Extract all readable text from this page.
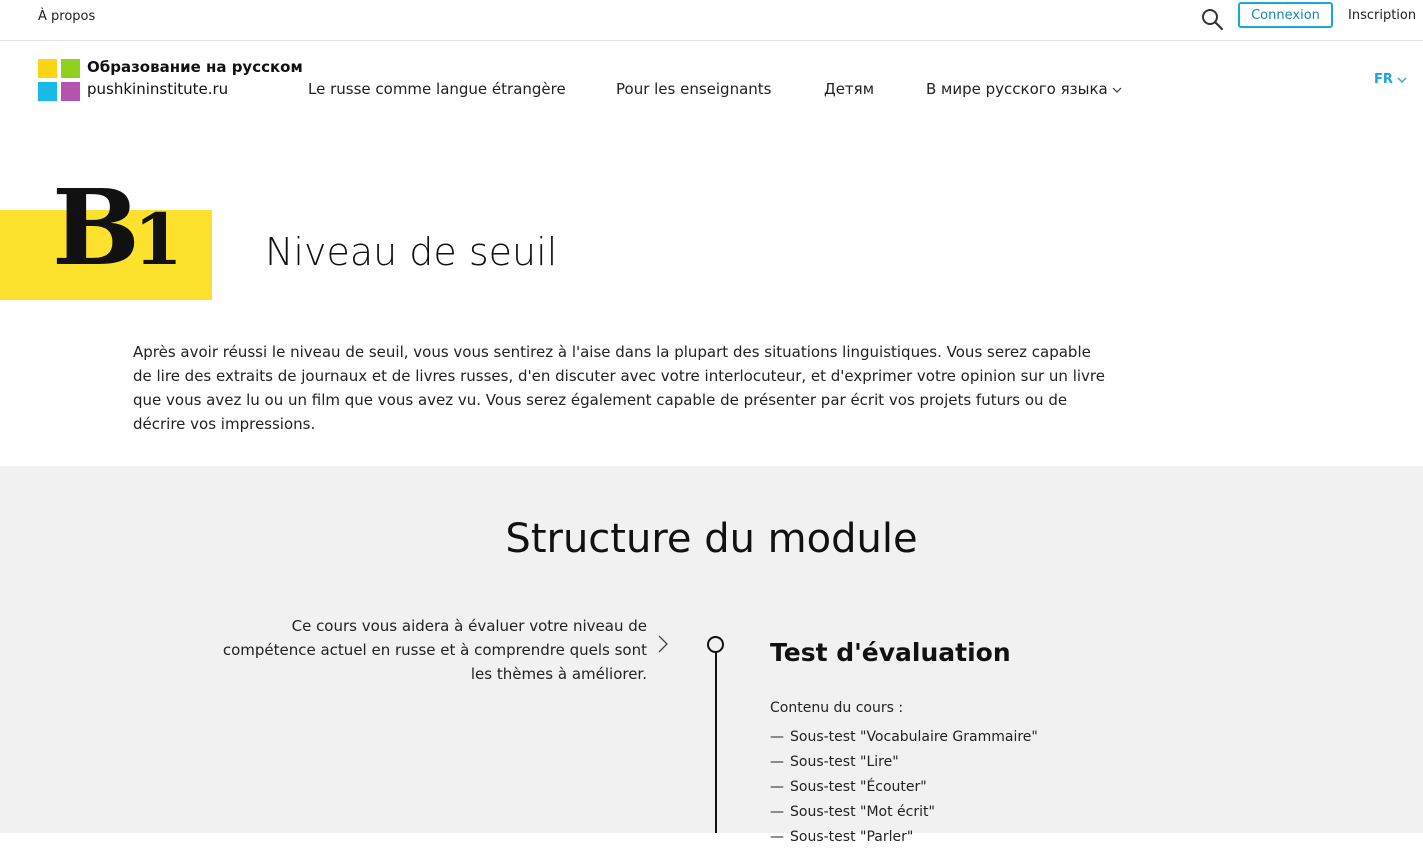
À propos	Connexion	Inscription
Образование на русском
pushkininstitute.ru	Le russe comme langue étrangère	Pour les enseignants	Детям	В мире русского языка
FR
B1 Niveau de seuil

Après avoir réussi le niveau de seuil, vous vous sentirez à l'aise dans la plupart des situations linguistiques. Vous serez capable de lire des extraits de journaux et de livres russes, d'en discuter avec votre interlocuteur, et d'exprimer votre opinion sur un livre que vous avez lu ou un film que vous avez vu. Vous serez également capable de présenter par écrit vos projets futurs ou de décrire vos impressions.

Structure du module

Ce cours vous aidera à évaluer votre niveau de compétence actuel en russe et à comprendre quels sont les thèmes à améliorer.

Test d'évaluation
Contenu du cours :
— Sous-test "Vocabulaire Grammaire"
— Sous-test "Lire"
— Sous-test "Écouter"
— Sous-test "Mot écrit"
— Sous-test "Parler"
